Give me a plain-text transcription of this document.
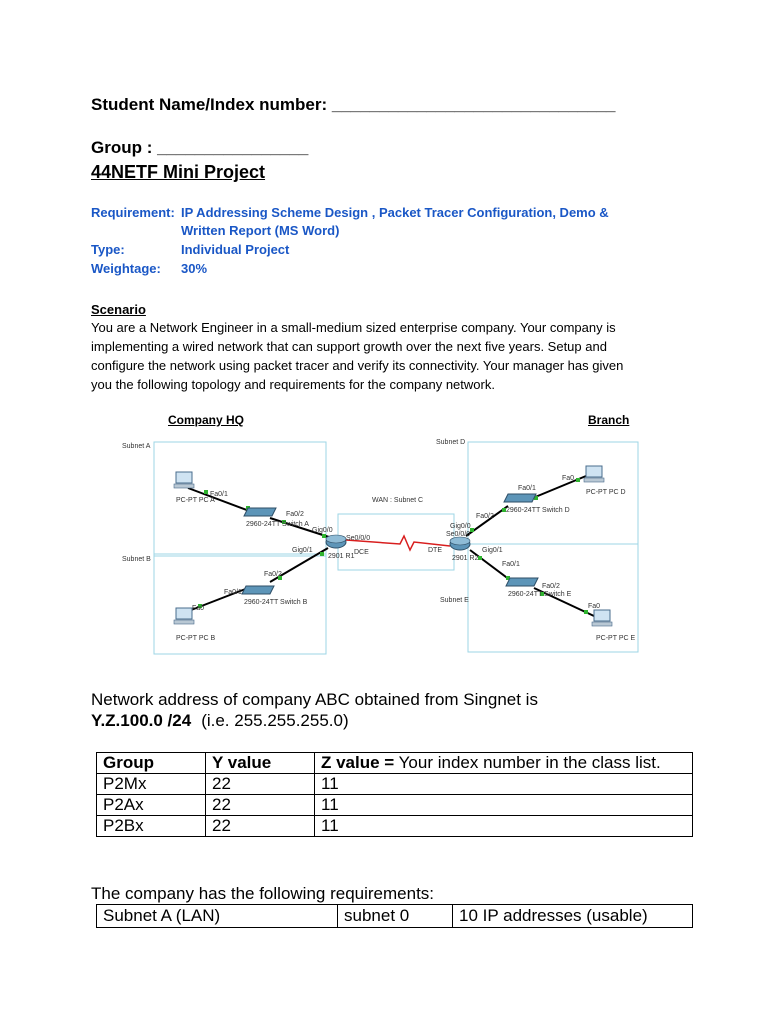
Student Name/Index number: ______________________________
Group : ________________
44NETF Mini Project
Requirement: IP Addressing Scheme Design , Packet Tracer Configuration, Demo &
Written Report (MS Word)
Type:	Individual Project
Weightage: 30%
Scenario
You are a Network Engineer in a small-medium sized enterprise company. Your company is
implementing a wired network that can support growth over the next five years. Setup and
configure the network using packet tracer and verify its connectivity. Your manager has given
you the following topology and requirements for the company network.
Company HQ	Branch
Subnet A
Subnet B
Subnet D
Subnet E
WAN : Subnet C
PC-PT PC A
PC-PT PC B
PC-PT PC D
PC-PT PC E
2960-24TT Switch A
2960-24TT Switch B
2960-24TT Switch D
2960-24TT Switch E
2901 R1	2901 R2
DCE	DTE
Fa0/1
Fa0/2
Gig0/0
Gig0/1
Se0/0/0
Se0/0/0
Fa0/2
Fa0/1
Fa0
Gig0/0
Fa0/2
Fa0/1
Fa0
Gig0/1
Fa0/1
Fa0/2
Fa0
Network address of company ABC obtained from Singnet is
Y.Z.100.0 /24 (i.e. 255.255.255.0)
Group	Y value	Z value = Your index number in the class list.
P2Mx	22	11
P2Ax	22	11
P2Bx	22	11
The company has the following requirements:
Subnet A (LAN)	subnet 0	10 IP addresses (usable)
